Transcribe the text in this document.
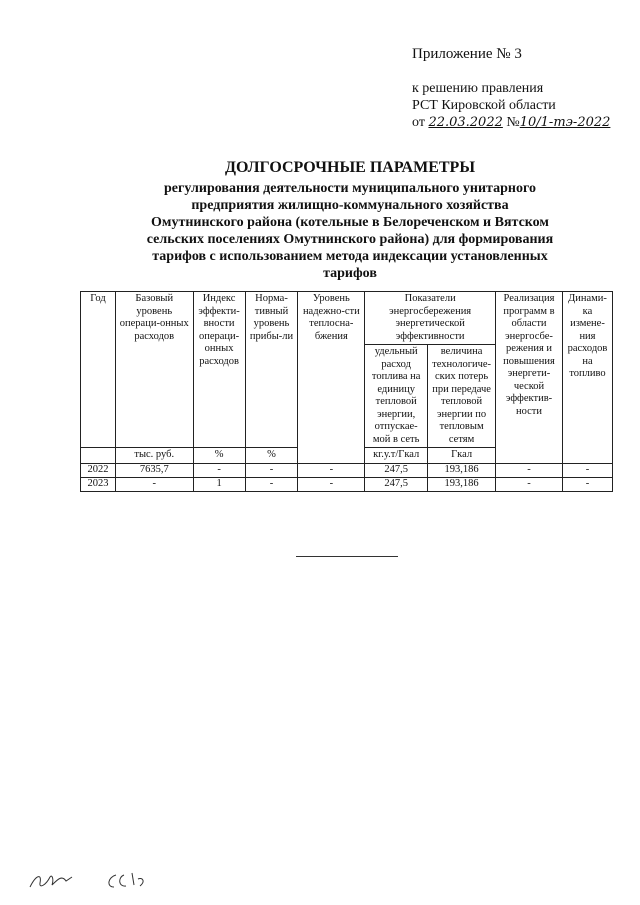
Приложение № 3
к решению правления
РСТ Кировской области
от 22.03.2022 №10/1-тэ-2022
ДОЛГОСРОЧНЫЕ ПАРАМЕТРЫ
регулирования деятельности муниципального унитарного
предприятия жилищно-коммунального хозяйства
Омутнинского района (котельные в Белореченском и Вятском
сельских поселениях Омутнинского района) для формирования
тарифов с использованием метода индексации установленных
тарифов
Год	Базовый уровень операци-онных расходов	Индекс эффекти-вности операци-онных расходов	Норма-тивный уровень прибы-ли	Уровень надежно-сти теплосна-бжения	Показатели энергосбережения энергетической эффективности		Реализация программ в области энергосбе-режения и повышения энергети-ческой эффектив-ности	Динами-ка измене-ния расходов на топливо
					удельный расход топлива на единицу тепловой энергии, отпускае-мой в сеть	величина технологиче-ских потерь при передаче тепловой энергии по тепловым сетям		
	тыс. руб.	%	%		кг.у.т/Гкал	Гкал		
2022	7635,7	-	-	-	247,5	193,186	-	-
2023	-	1	-	-	247,5	193,186	-	-
